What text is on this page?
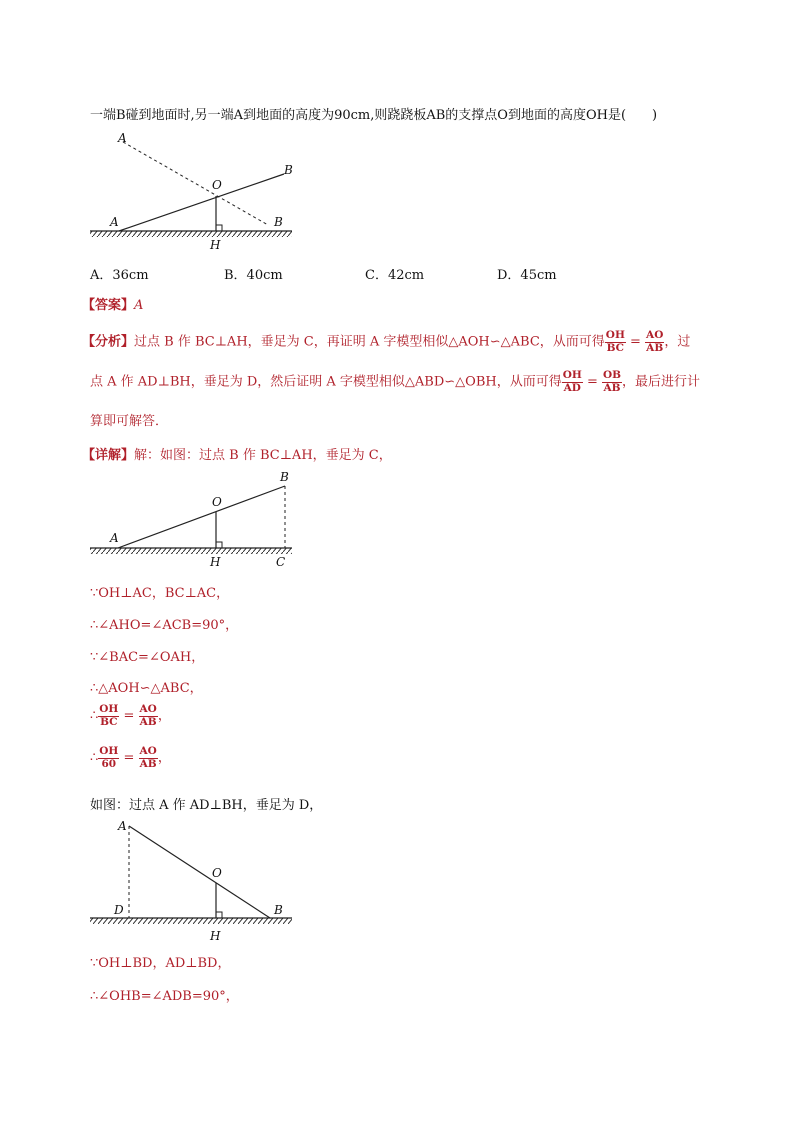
一端B碰到地面时,另一端A到地面的高度为90cm,则跷跷板AB的支撑点O到地面的高度OH是(　　)
A
B
O
A	B
H
A．36cm	B．40cm	C．42cm	D．45cm
【答案】A
【分析】过点 B 作 BC⊥AH，垂足为 C，再证明 A 字模型相似△AOH∽△ABC，从而可得 $\frac{OH}{BC} = \frac{AO}{AB}$ ，过
点 A 作 AD⊥BH，垂足为 D，然后证明 A 字模型相似△ABD∽△OBH，从而可得 $\frac{OH}{AD} = \frac{OB}{AB}$ ，最后进行计
算即可解答．
【详解】解：如图：过点 B 作 BC⊥AH，垂足为 C，
O
B
A
H	C
∵OH⊥AC，BC⊥AC，
∴∠AHO=∠ACB=90°，
∵∠BAC=∠OAH，
∴△AOH∽△ABC，
∴ $\frac{OH}{BC} = \frac{AO}{AB}$ ，
∴ $\frac{OH}{60} = \frac{AO}{AB}$ ，
如图：过点 A 作 AD⊥BH，垂足为 D，
A
O
B
D
H
∵OH⊥BD，AD⊥BD，
∴∠OHB=∠ADB=90°，
